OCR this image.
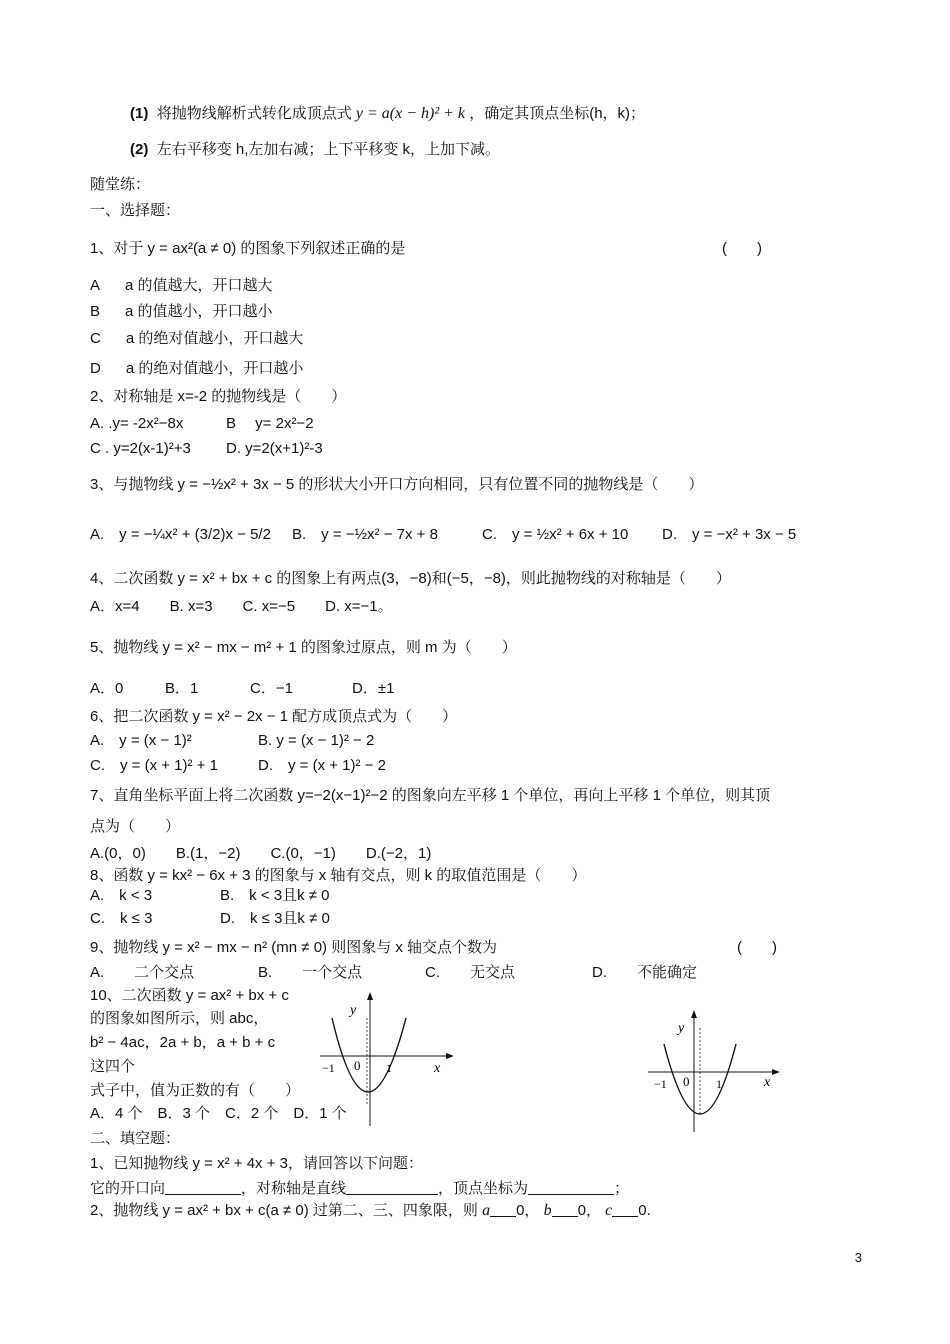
(1) 将抛物线解析式转化成顶点式 y = a(x − h)² + k ，确定其顶点坐标(h，k)；
(2) 左右平移变 h,左加右减；上下平移变 k，上加下减。
随堂练：
一、选择题：
1、对于 y = ax²(a ≠ 0) 的图象下列叙述正确的是	(　　)
A a 的值越大，开口越大
B a 的值越小，开口越小
C a 的绝对值越小，开口越大
D a 的绝对值越小，开口越小
2、对称轴是 x=-2 的抛物线是（　　）
A. .y= -2x²−8x	B　 y= 2x²−2
C . y=2(x-1)²+3 D. y=2(x+1)²-3
3、与抛物线 y = −½x² + 3x − 5 的形状大小开口方向相同，只有位置不同的抛物线是（　　）
A.　y = −¼x² + (3/2)x − 5/2 B.　y = −½x² − 7x + 8	C.　y = ½x² + 6x + 10 D.　y = −x² + 3x − 5
4、二次函数 y = x² + bx + c 的图象上有两点(3，−8)和(−5，−8)，则此抛物线的对称轴是（　　）
A．x=4　　B. x=3　　C. x=−5　　D. x=−1。
5、抛物线 y = x² − mx − m² + 1 的图象过原点，则 m 为（　　）
A．0	B．1	C．−1	D．±1
6、把二次函数 y = x² − 2x − 1 配方成顶点式为（　　）
A.　y = (x − 1)²	B. y = (x − 1)² − 2
C.　y = (x + 1)² + 1	D.　y = (x + 1)² − 2
7、直角坐标平面上将二次函数 y=−2(x−1)²−2 的图象向左平移 1 个单位，再向上平移 1 个单位，则其顶
点为（　　）
A.(0，0)　　B.(1，−2)　　C.(0，−1)　　D.(−2，1)
8、函数 y = kx² − 6x + 3 的图象与 x 轴有交点，则 k 的取值范围是（　　）
A.　k < 3	B.　k < 3且k ≠ 0
C.　k ≤ 3	D.　k ≤ 3且k ≠ 0
9、抛物线 y = x² − mx − n² (mn ≠ 0) 则图象与 x 轴交点个数为	(　　)
A.　　二个交点	B.　　一个交点	C.　　无交点	D.　　不能确定
10、二次函数 y = ax² + bx + c
的图象如图所示，则 abc，
b² − 4ac，2a + b，a + b + c
这四个
式子中，值为正数的有（　　）
A．4 个　B．3 个　C．2 个　D．1 个
y
x
−1 0 1
y
x
−1 0 1
二、填空题：
1、已知抛物线 y = x² + 4x + 3，请回答以下问题：
它的开口向	，对称轴是直线	，顶点坐标为	；
2、抛物线 y = ax² + bx + c(a ≠ 0) 过第二、三、四象限，则 a 0， b 0， c 0.
3
